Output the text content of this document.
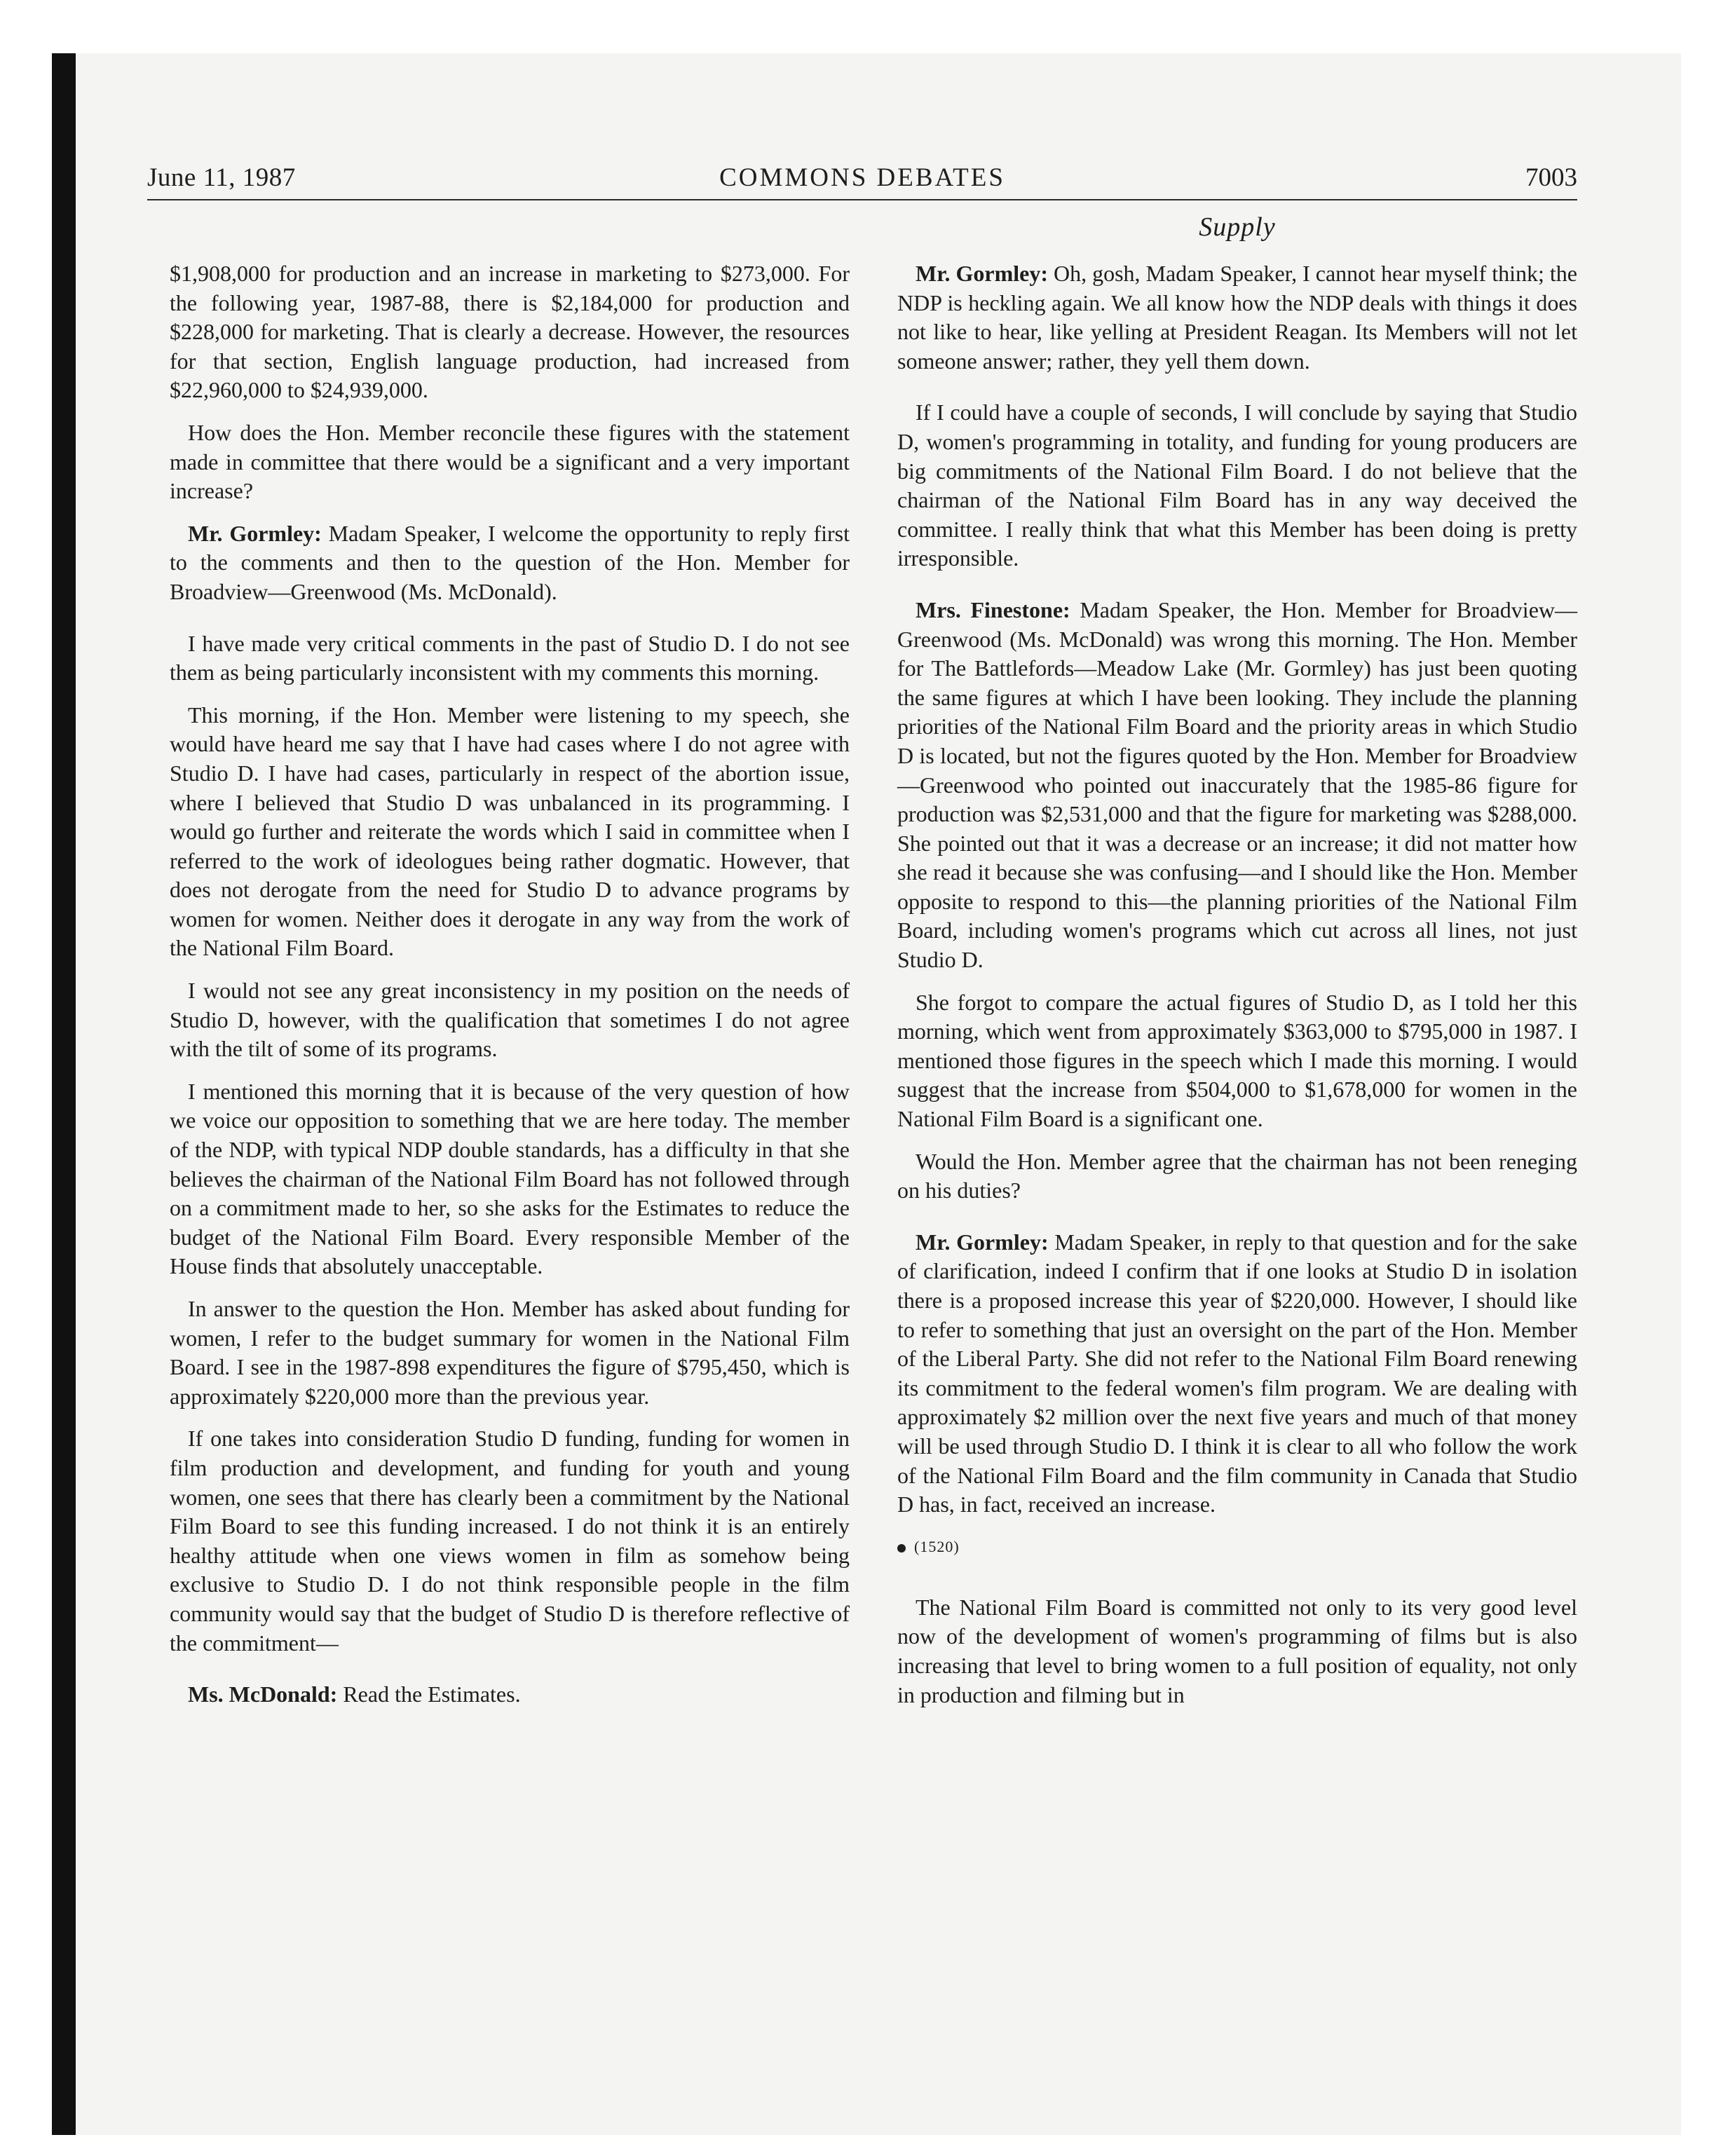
June 11, 1987	COMMONS DEBATES	7003
Supply

$1,908,000 for production and an increase in marketing to $273,000. For the following year, 1987-88, there is $2,184,000 for production and $228,000 for marketing. That is clearly a decrease. However, the resources for that section, English language production, had increased from $22,960,000 to $24,939,000.

How does the Hon. Member reconcile these figures with the statement made in committee that there would be a significant and a very important increase?

Mr. Gormley: Madam Speaker, I welcome the opportunity to reply first to the comments and then to the question of the Hon. Member for Broadview—Greenwood (Ms. McDonald).

I have made very critical comments in the past of Studio D. I do not see them as being particularly inconsistent with my comments this morning.

This morning, if the Hon. Member were listening to my speech, she would have heard me say that I have had cases where I do not agree with Studio D. I have had cases, particularly in respect of the abortion issue, where I believed that Studio D was unbalanced in its programming. I would go further and reiterate the words which I said in committee when I referred to the work of ideologues being rather dogmatic. However, that does not derogate from the need for Studio D to advance programs by women for women. Neither does it derogate in any way from the work of the National Film Board.

I would not see any great inconsistency in my position on the needs of Studio D, however, with the qualification that sometimes I do not agree with the tilt of some of its programs.

I mentioned this morning that it is because of the very question of how we voice our opposition to something that we are here today. The member of the NDP, with typical NDP double standards, has a difficulty in that she believes the chairman of the National Film Board has not followed through on a commitment made to her, so she asks for the Estimates to reduce the budget of the National Film Board. Every responsible Member of the House finds that absolutely unacceptable.

In answer to the question the Hon. Member has asked about funding for women, I refer to the budget summary for women in the National Film Board. I see in the 1987-898 expenditures the figure of $795,450, which is approximately $220,000 more than the previous year.

If one takes into consideration Studio D funding, funding for women in film production and development, and funding for youth and young women, one sees that there has clearly been a commitment by the National Film Board to see this funding increased. I do not think it is an entirely healthy attitude when one views women in film as somehow being exclusive to Studio D. I do not think responsible people in the film community would say that the budget of Studio D is therefore reflective of the commitment—

Ms. McDonald: Read the Estimates.

Mr. Gormley: Oh, gosh, Madam Speaker, I cannot hear myself think; the NDP is heckling again. We all know how the NDP deals with things it does not like to hear, like yelling at President Reagan. Its Members will not let someone answer; rather, they yell them down.

If I could have a couple of seconds, I will conclude by saying that Studio D, women's programming in totality, and funding for young producers are big commitments of the National Film Board. I do not believe that the chairman of the National Film Board has in any way deceived the committee. I really think that what this Member has been doing is pretty irresponsible.

Mrs. Finestone: Madam Speaker, the Hon. Member for Broadview—Greenwood (Ms. McDonald) was wrong this morning. The Hon. Member for The Battlefords—Meadow Lake (Mr. Gormley) has just been quoting the same figures at which I have been looking. They include the planning priorities of the National Film Board and the priority areas in which Studio D is located, but not the figures quoted by the Hon. Member for Broadview—Greenwood who pointed out inaccurately that the 1985-86 figure for production was $2,531,000 and that the figure for marketing was $288,000. She pointed out that it was a decrease or an increase; it did not matter how she read it because she was confusing—and I should like the Hon. Member opposite to respond to this—the planning priorities of the National Film Board, including women's programs which cut across all lines, not just Studio D.

She forgot to compare the actual figures of Studio D, as I told her this morning, which went from approximately $363,000 to $795,000 in 1987. I mentioned those figures in the speech which I made this morning. I would suggest that the increase from $504,000 to $1,678,000 for women in the National Film Board is a significant one.

Would the Hon. Member agree that the chairman has not been reneging on his duties?

Mr. Gormley: Madam Speaker, in reply to that question and for the sake of clarification, indeed I confirm that if one looks at Studio D in isolation there is a proposed increase this year of $220,000. However, I should like to refer to something that just an oversight on the part of the Hon. Member of the Liberal Party. She did not refer to the National Film Board renewing its commitment to the federal women's film program. We are dealing with approximately $2 million over the next five years and much of that money will be used through Studio D. I think it is clear to all who follow the work of the National Film Board and the film community in Canada that Studio D has, in fact, received an increase.

(1520)

The National Film Board is committed not only to its very good level now of the development of women's programming of films but is also increasing that level to bring women to a full position of equality, not only in production and filming but in
